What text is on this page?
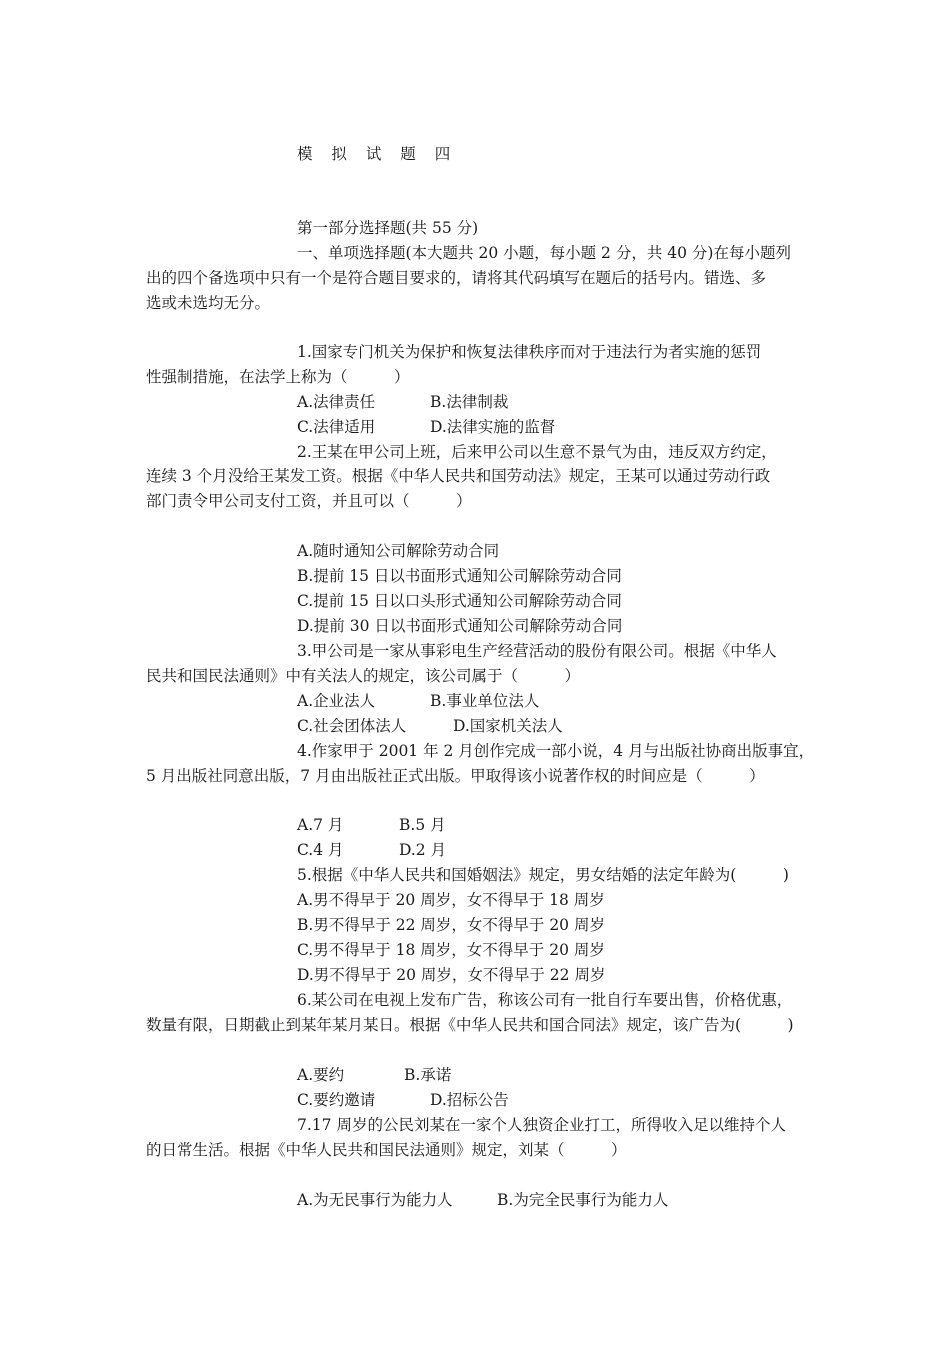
模 拟 试 题 四
第一部分选择题(共 55 分)
一、单项选择题(本大题共 20 小题，每小题 2 分，共 40 分)在每小题列
出的四个备选项中只有一个是符合题目要求的，请将其代码填写在题后的括号内。错选、多
选或未选均无分。
1.国家专门机关为保护和恢复法律秩序而对于违法行为者实施的惩罚
性强制措施，在法学上称为（　　　）
A.法律责任	B.法律制裁
C.法律适用	D.法律实施的监督
2.王某在甲公司上班，后来甲公司以生意不景气为由，违反双方约定，
连续 3 个月没给王某发工资。根据《中华人民共和国劳动法》规定，王某可以通过劳动行政
部门责令甲公司支付工资，并且可以（　　　）
A.随时通知公司解除劳动合同
B.提前 15 日以书面形式通知公司解除劳动合同
C.提前 15 日以口头形式通知公司解除劳动合同
D.提前 30 日以书面形式通知公司解除劳动合同
3.甲公司是一家从事彩电生产经营活动的股份有限公司。根据《中华人
民共和国民法通则》中有关法人的规定，该公司属于（　　　）
A.企业法人	B.事业单位法人
C.社会团体法人	D.国家机关法人
4.作家甲于 2001 年 2 月创作完成一部小说，4 月与出版社协商出版事宜，
5 月出版社同意出版，7 月由出版社正式出版。甲取得该小说著作权的时间应是（　　　）
A.7 月	B.5 月
C.4 月	D.2 月
5.根据《中华人民共和国婚姻法》规定，男女结婚的法定年龄为(　　　)
A.男不得早于 20 周岁，女不得早于 18 周岁
B.男不得早于 22 周岁，女不得早于 20 周岁
C.男不得早于 18 周岁，女不得早于 20 周岁
D.男不得早于 20 周岁，女不得早于 22 周岁
6.某公司在电视上发布广告，称该公司有一批自行车要出售，价格优惠，
数量有限，日期截止到某年某月某日。根据《中华人民共和国合同法》规定，该广告为(　　　)
A.要约	B.承诺
C.要约邀请	D.招标公告
7.17 周岁的公民刘某在一家个人独资企业打工，所得收入足以维持个人
的日常生活。根据《中华人民共和国民法通则》规定，刘某（　　　）
A.为无民事行为能力人	B.为完全民事行为能力人
